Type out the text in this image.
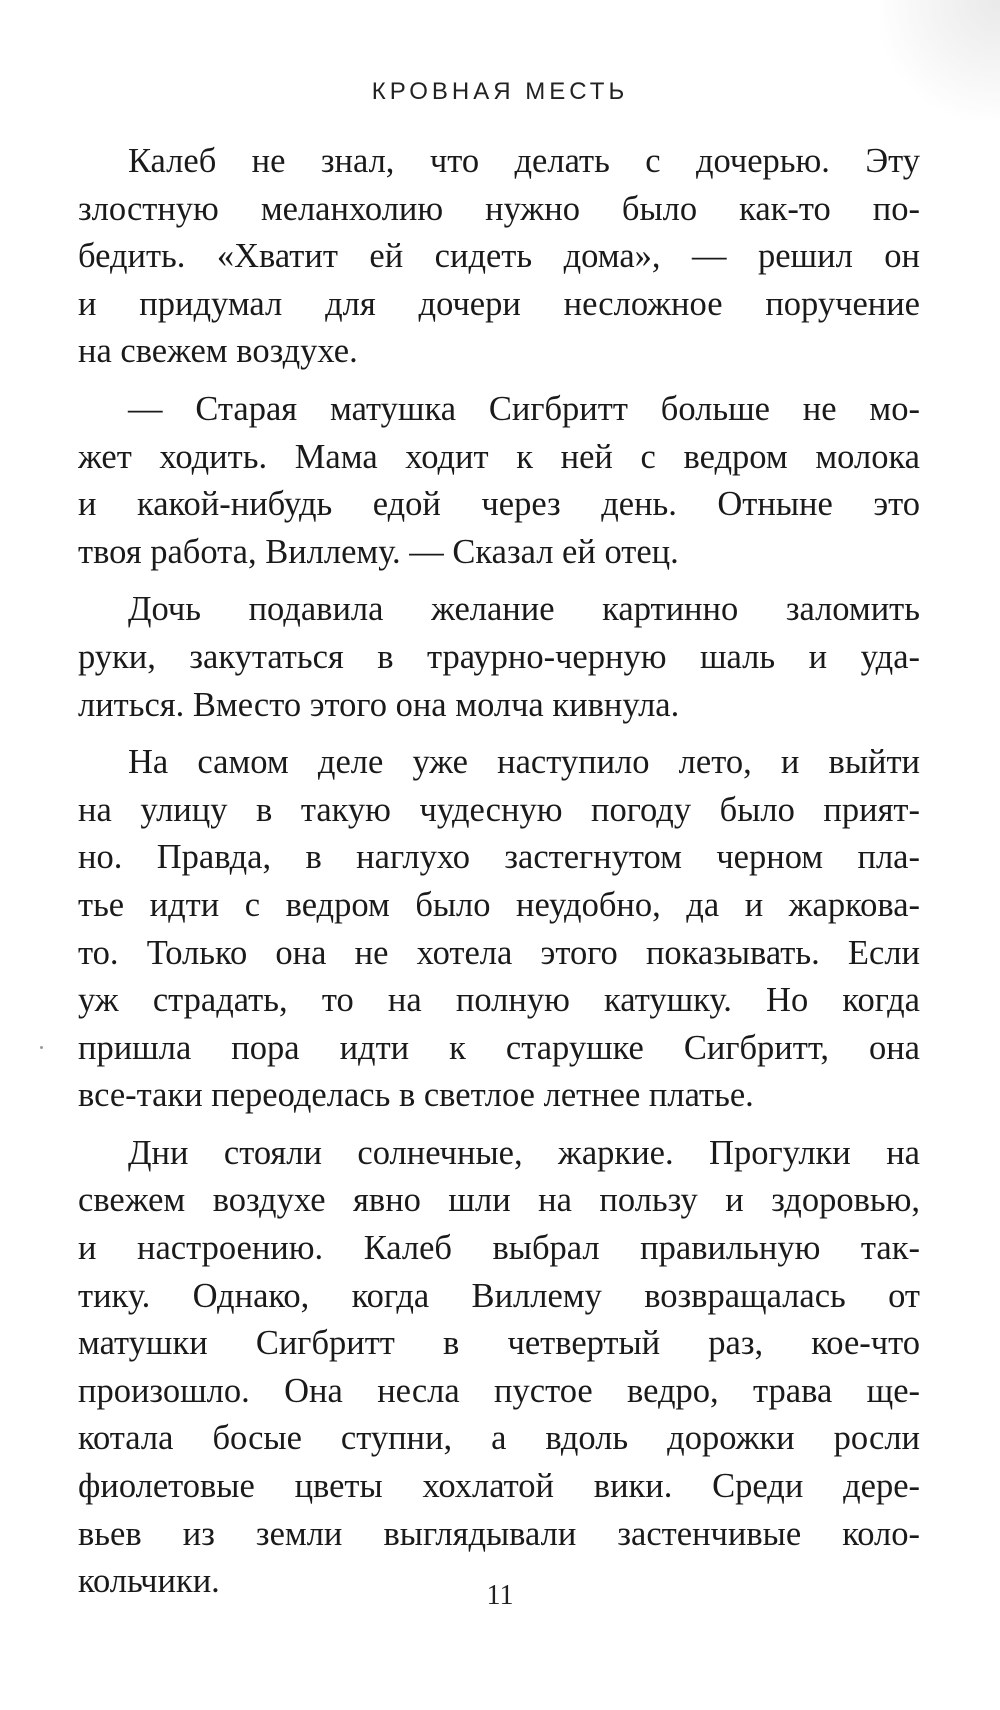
КРОВНАЯ МЕСТЬ
Калеб не знал, что делать с дочерью. Эту
злостную меланхолию нужно было как-то по-
бедить. «Хватит ей сидеть дома», — решил он
и придумал для дочери несложное поручение
на свежем воздухе.
— Старая матушка Сигбритт больше не мо-
жет ходить. Мама ходит к ней с ведром молока
и какой-нибудь едой через день. Отныне это
твоя работа, Виллему. — Сказал ей отец.
Дочь подавила желание картинно заломить
руки, закутаться в траурно-черную шаль и уда-
литься. Вместо этого она молча кивнула.
На самом деле уже наступило лето, и выйти
на улицу в такую чудесную погоду было прият-
но. Правда, в наглухо застегнутом черном пла-
тье идти с ведром было неудобно, да и жаркова-
то. Только она не хотела этого показывать. Если
уж страдать, то на полную катушку. Но когда
пришла пора идти к старушке Сигбритт, она
все-таки переоделась в светлое летнее платье.
Дни стояли солнечные, жаркие. Прогулки на
свежем воздухе явно шли на пользу и здоровью,
и настроению. Калеб выбрал правильную так-
тику. Однако, когда Виллему возвращалась от
матушки Сигбритт в четвертый раз, кое-что
произошло. Она несла пустое ведро, трава ще-
котала босые ступни, а вдоль дорожки росли
фиолетовые цветы хохлатой вики. Среди дере-
вьев из земли выглядывали застенчивые коло-
кольчики.	11
